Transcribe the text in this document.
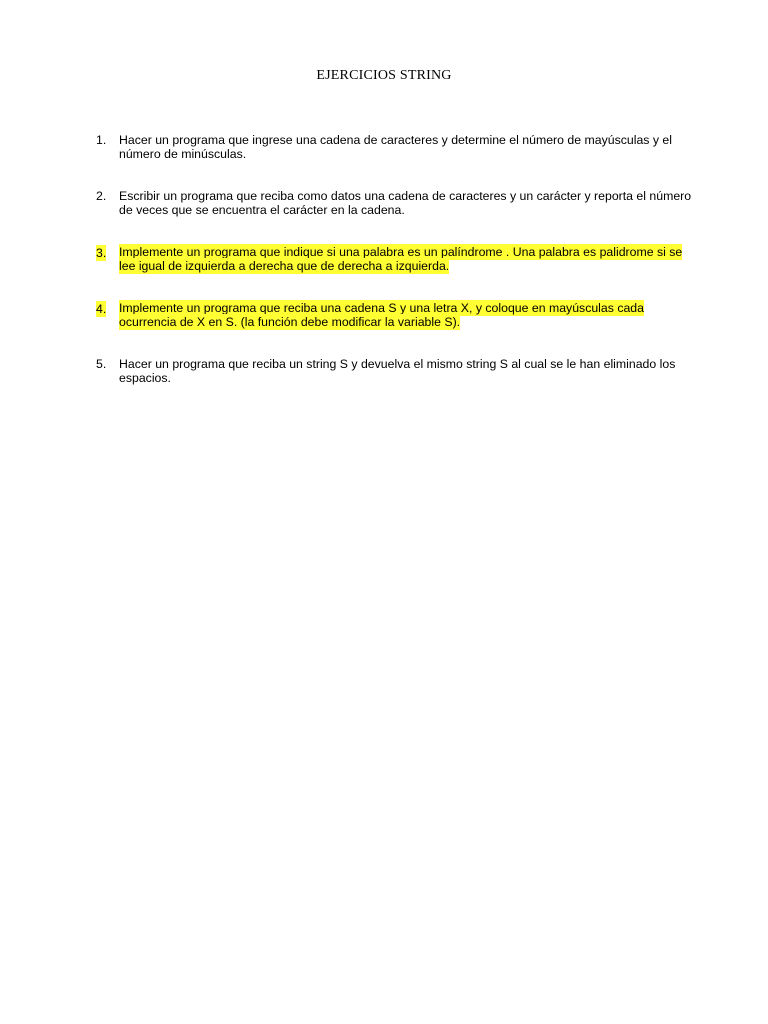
EJERCICIOS STRING
1. Hacer un programa que ingrese una cadena de caracteres y determine el número de mayúsculas y el número de minúsculas.
2. Escribir un programa que reciba como datos una cadena de caracteres y un carácter y reporta el número de veces que se encuentra el carácter en la cadena.
3. Implemente un programa que indique si una palabra es un palíndrome . Una palabra es palidrome si se lee igual de izquierda a derecha que de derecha a izquierda.
4. Implemente un programa que reciba una cadena S y una letra X, y coloque en mayúsculas cada ocurrencia de X en S. (la función debe modificar la variable S).
5. Hacer un programa que reciba un string S y devuelva el mismo string S al cual se le han eliminado los espacios.
